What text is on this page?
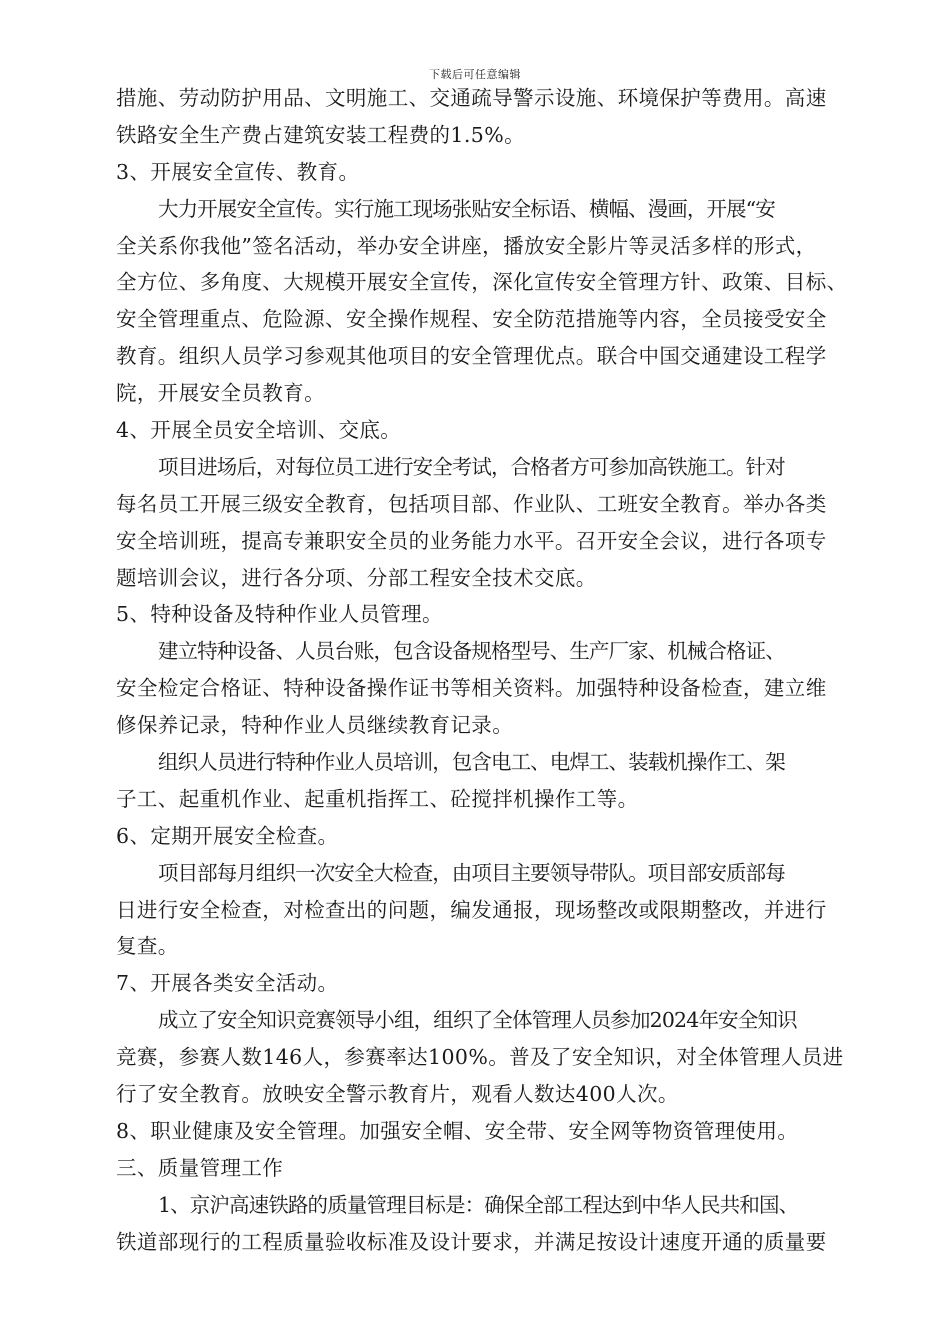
下载后可任意编辑
措施、劳动防护用品、文明施工、交通疏导警示设施、环境保护等费用。高速
铁路安全生产费占建筑安装工程费的1.5%。
3、开展安全宣传、教育。
大力开展安全宣传。实行施工现场张贴安全标语、横幅、漫画，开展“安
全关系你我他”签名活动，举办安全讲座，播放安全影片等灵活多样的形式，
全方位、多角度、大规模开展安全宣传，深化宣传安全管理方针、政策、目标、
安全管理重点、危险源、安全操作规程、安全防范措施等内容，全员接受安全
教育。组织人员学习参观其他项目的安全管理优点。联合中国交通建设工程学
院，开展安全员教育。
4、开展全员安全培训、交底。
项目进场后，对每位员工进行安全考试，合格者方可参加高铁施工。针对
每名员工开展三级安全教育，包括项目部、作业队、工班安全教育。举办各类
安全培训班，提高专兼职安全员的业务能力水平。召开安全会议，进行各项专
题培训会议，进行各分项、分部工程安全技术交底。
5、特种设备及特种作业人员管理。
建立特种设备、人员台账，包含设备规格型号、生产厂家、机械合格证、
安全检定合格证、特种设备操作证书等相关资料。加强特种设备检查，建立维
修保养记录，特种作业人员继续教育记录。
组织人员进行特种作业人员培训，包含电工、电焊工、装载机操作工、架
子工、起重机作业、起重机指挥工、砼搅拌机操作工等。
6、定期开展安全检查。
项目部每月组织一次安全大检查，由项目主要领导带队。项目部安质部每
日进行安全检查，对检查出的问题，编发通报，现场整改或限期整改，并进行
复查。
7、开展各类安全活动。
成立了安全知识竞赛领导小组，组织了全体管理人员参加2024年安全知识
竞赛，参赛人数146人，参赛率达100%。普及了安全知识，对全体管理人员进
行了安全教育。放映安全警示教育片，观看人数达400人次。
8、职业健康及安全管理。加强安全帽、安全带、安全网等物资管理使用。
三、质量管理工作
1、京沪高速铁路的质量管理目标是：确保全部工程达到中华人民共和国、
铁道部现行的工程质量验收标准及设计要求，并满足按设计速度开通的质量要
